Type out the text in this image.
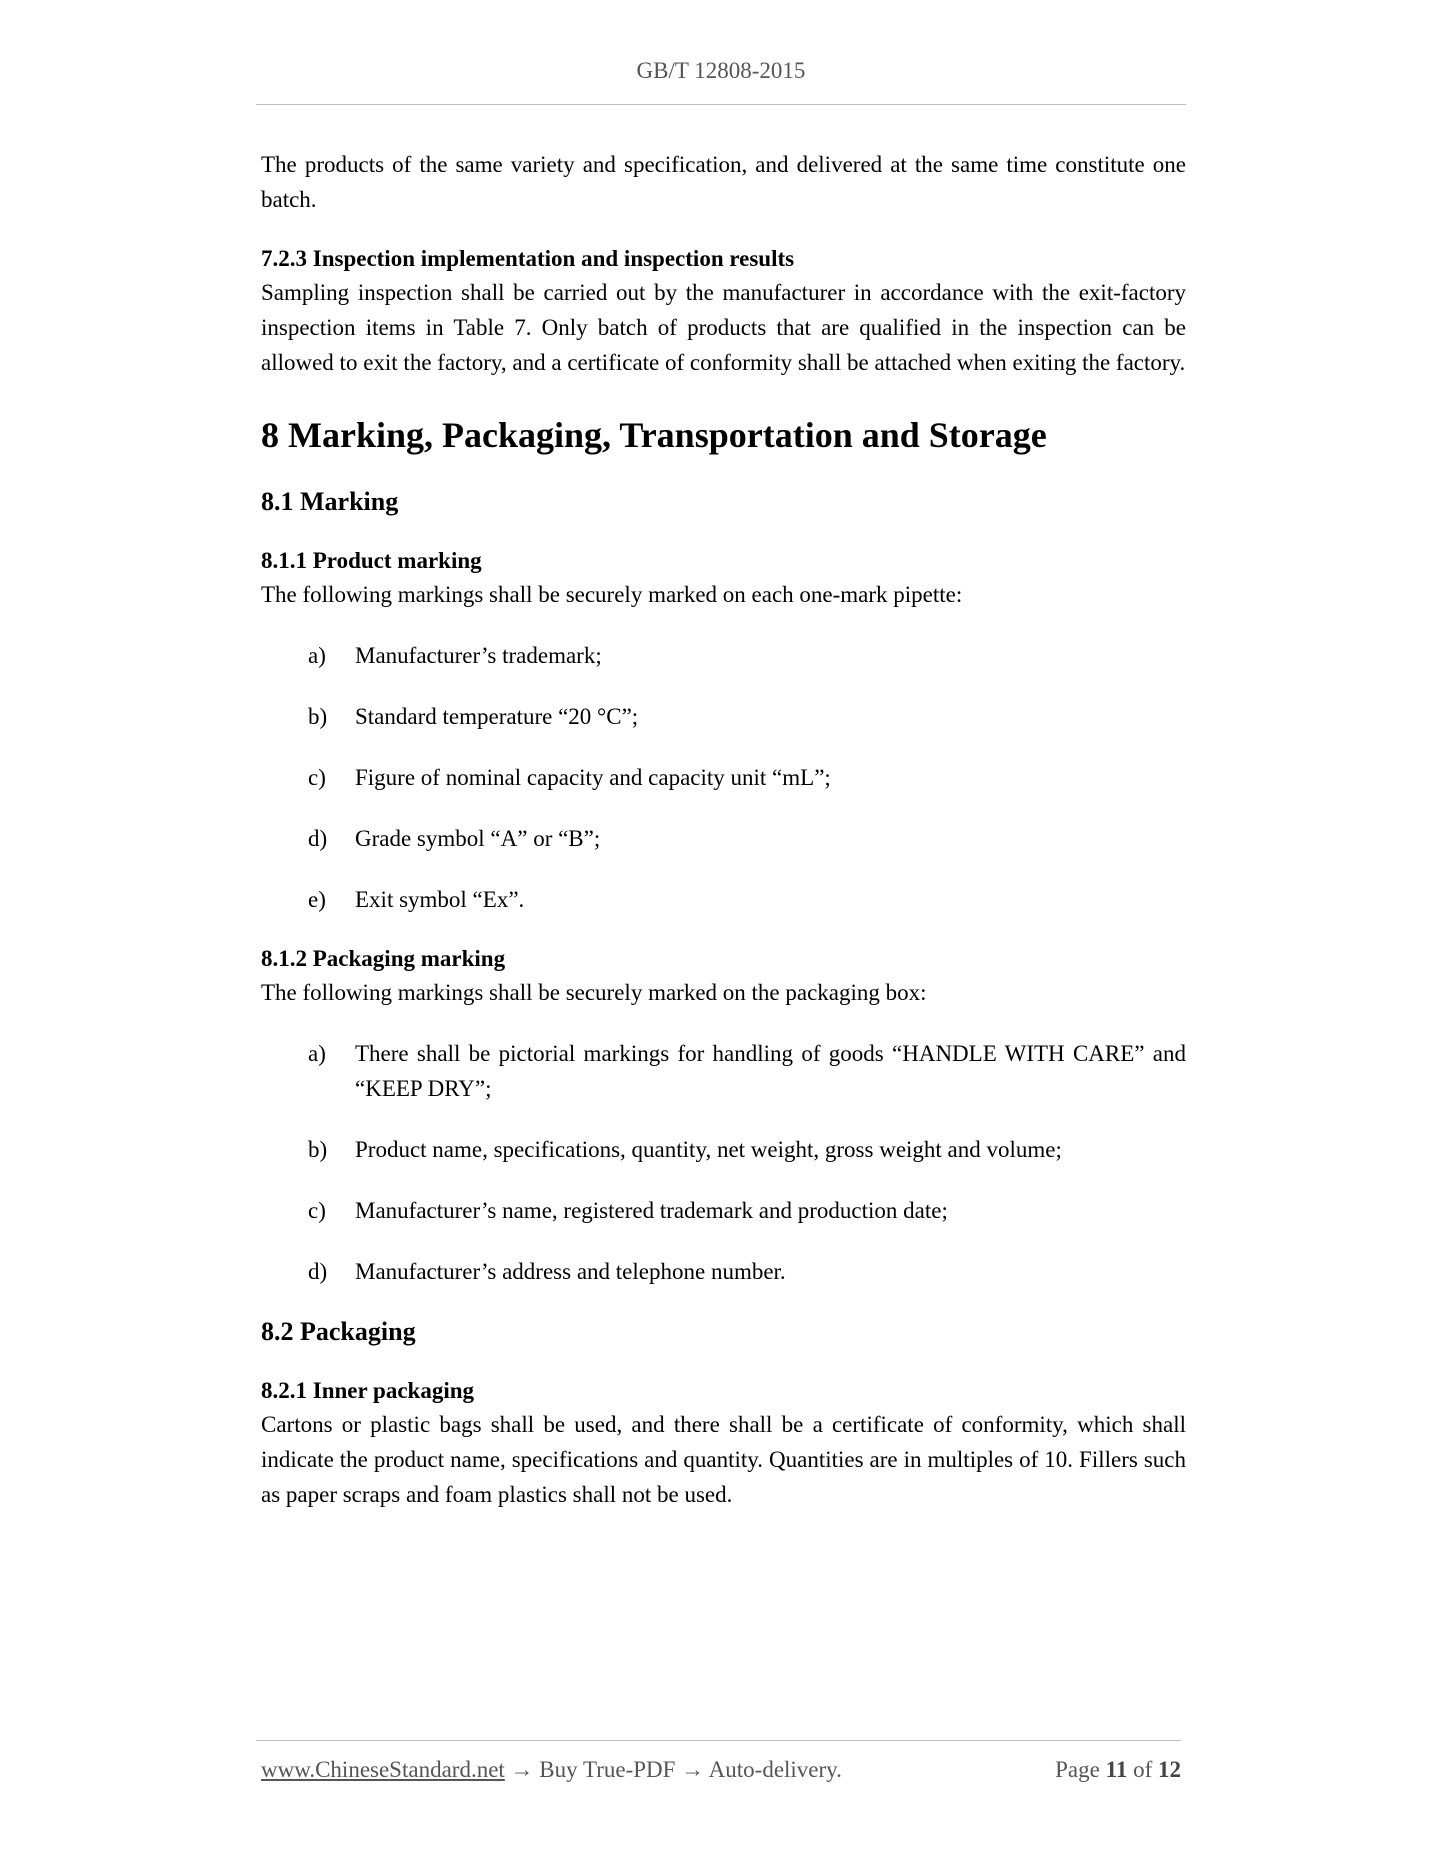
GB/T 12808-2015

The products of the same variety and specification, and delivered at the same time constitute one batch.

7.2.3 Inspection implementation and inspection results

Sampling inspection shall be carried out by the manufacturer in accordance with the exit-factory inspection items in Table 7. Only batch of products that are qualified in the inspection can be allowed to exit the factory, and a certificate of conformity shall be attached when exiting the factory.

8 Marking, Packaging, Transportation and Storage
8.1 Marking
8.1.1 Product marking

The following markings shall be securely marked on each one-mark pipette:

a)	Manufacturer’s trademark;
b)	Standard temperature “20 °C”;
c)	Figure of nominal capacity and capacity unit “mL”;
d)	Grade symbol “A” or “B”;
e)	Exit symbol “Ex”.
8.1.2 Packaging marking

The following markings shall be securely marked on the packaging box:

a)	There shall be pictorial markings for handling of goods “HANDLE WITH CARE” and “KEEP DRY”;
b)	Product name, specifications, quantity, net weight, gross weight and volume;
c)	Manufacturer’s name, registered trademark and production date;
d)	Manufacturer’s address and telephone number.
8.2 Packaging
8.2.1 Inner packaging

Cartons or plastic bags shall be used, and there shall be a certificate of conformity, which shall indicate the product name, specifications and quantity. Quantities are in multiples of 10. Fillers such as paper scraps and foam plastics shall not be used.

www.ChineseStandard.net → Buy True-PDF → Auto-delivery.	Page 11 of 12
